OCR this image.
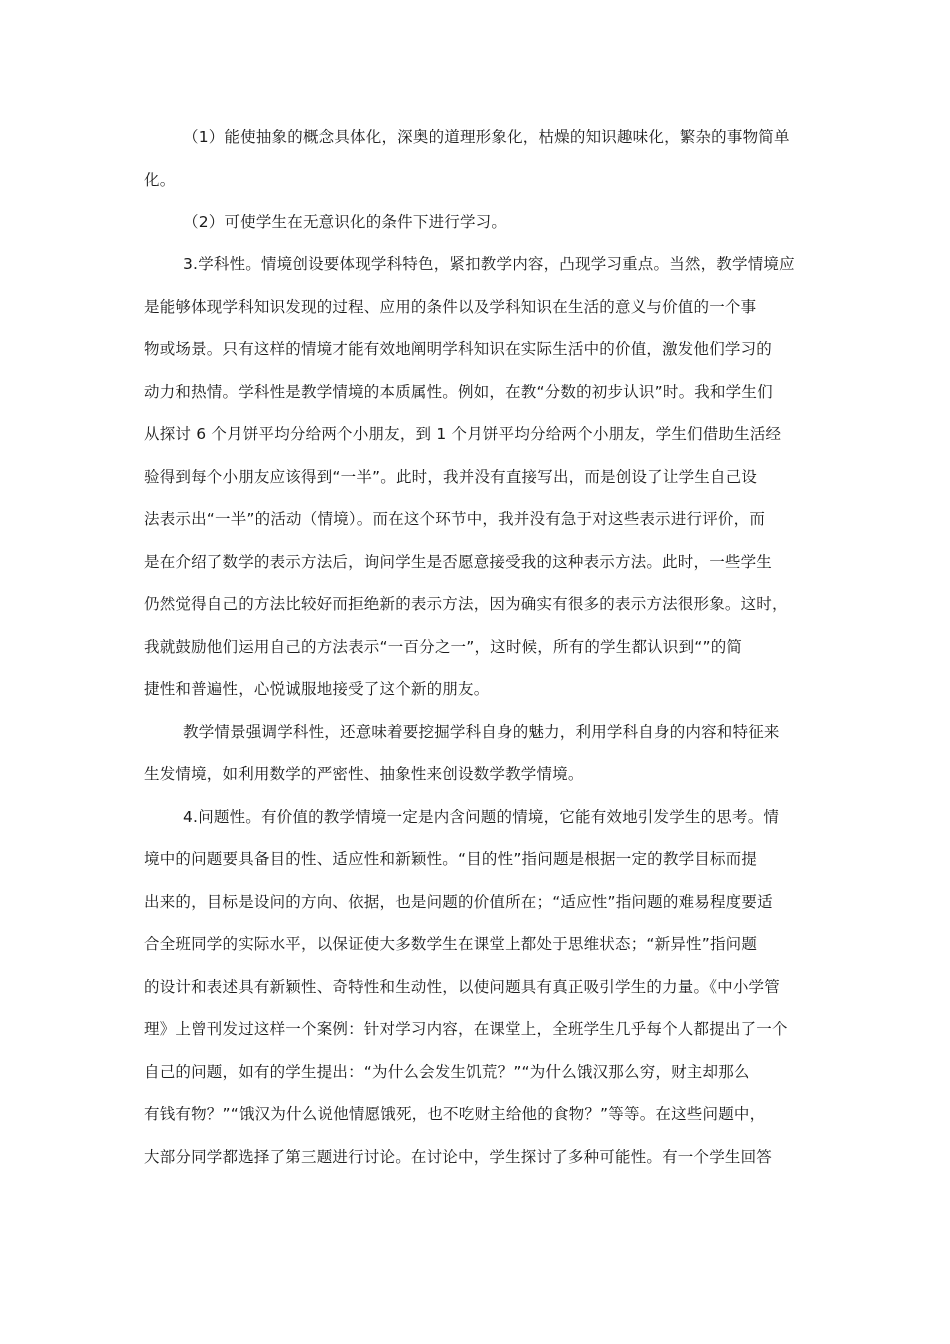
（1）能使抽象的概念具体化，深奥的道理形象化，枯燥的知识趣味化，繁杂的事物简单
化。
（2）可使学生在无意识化的条件下进行学习。
3.学科性。情境创设要体现学科特色，紧扣教学内容，凸现学习重点。当然，教学情境应
是能够体现学科知识发现的过程、应用的条件以及学科知识在生活的意义与价值的一个事
物或场景。只有这样的情境才能有效地阐明学科知识在实际生活中的价值，激发他们学习的
动力和热情。学科性是教学情境的本质属性。例如，在教“分数的初步认识”时。我和学生们
从探讨 6 个月饼平均分给两个小朋友，到 1 个月饼平均分给两个小朋友，学生们借助生活经
验得到每个小朋友应该得到“一半”。此时，我并没有直接写出，而是创设了让学生自己设
法表示出“一半”的活动（情境）。而在这个环节中，我并没有急于对这些表示进行评价，而
是在介绍了数学的表示方法后，询问学生是否愿意接受我的这种表示方法。此时，一些学生
仍然觉得自己的方法比较好而拒绝新的表示方法，因为确实有很多的表示方法很形象。这时，
我就鼓励他们运用自己的方法表示“一百分之一”，这时候，所有的学生都认识到“”的简
捷性和普遍性，心悦诚服地接受了这个新的朋友。
教学情景强调学科性，还意味着要挖掘学科自身的魅力，利用学科自身的内容和特征来
生发情境，如利用数学的严密性、抽象性来创设数学教学情境。
4.问题性。有价值的教学情境一定是内含问题的情境，它能有效地引发学生的思考。情
境中的问题要具备目的性、适应性和新颖性。“目的性”指问题是根据一定的教学目标而提
出来的，目标是设问的方向、依据，也是问题的价值所在；“适应性”指问题的难易程度要适
合全班同学的实际水平，以保证使大多数学生在课堂上都处于思维状态；“新异性”指问题
的设计和表述具有新颖性、奇特性和生动性，以使问题具有真正吸引学生的力量。《中小学管
理》上曾刊发过这样一个案例：针对学习内容，在课堂上，全班学生几乎每个人都提出了一个
自己的问题，如有的学生提出：“为什么会发生饥荒？”“为什么饿汉那么穷，财主却那么
有钱有物？”“饿汉为什么说他情愿饿死，也不吃财主给他的食物？”等等。在这些问题中，
大部分同学都选择了第三题进行讨论。在讨论中，学生探讨了多种可能性。有一个学生回答
